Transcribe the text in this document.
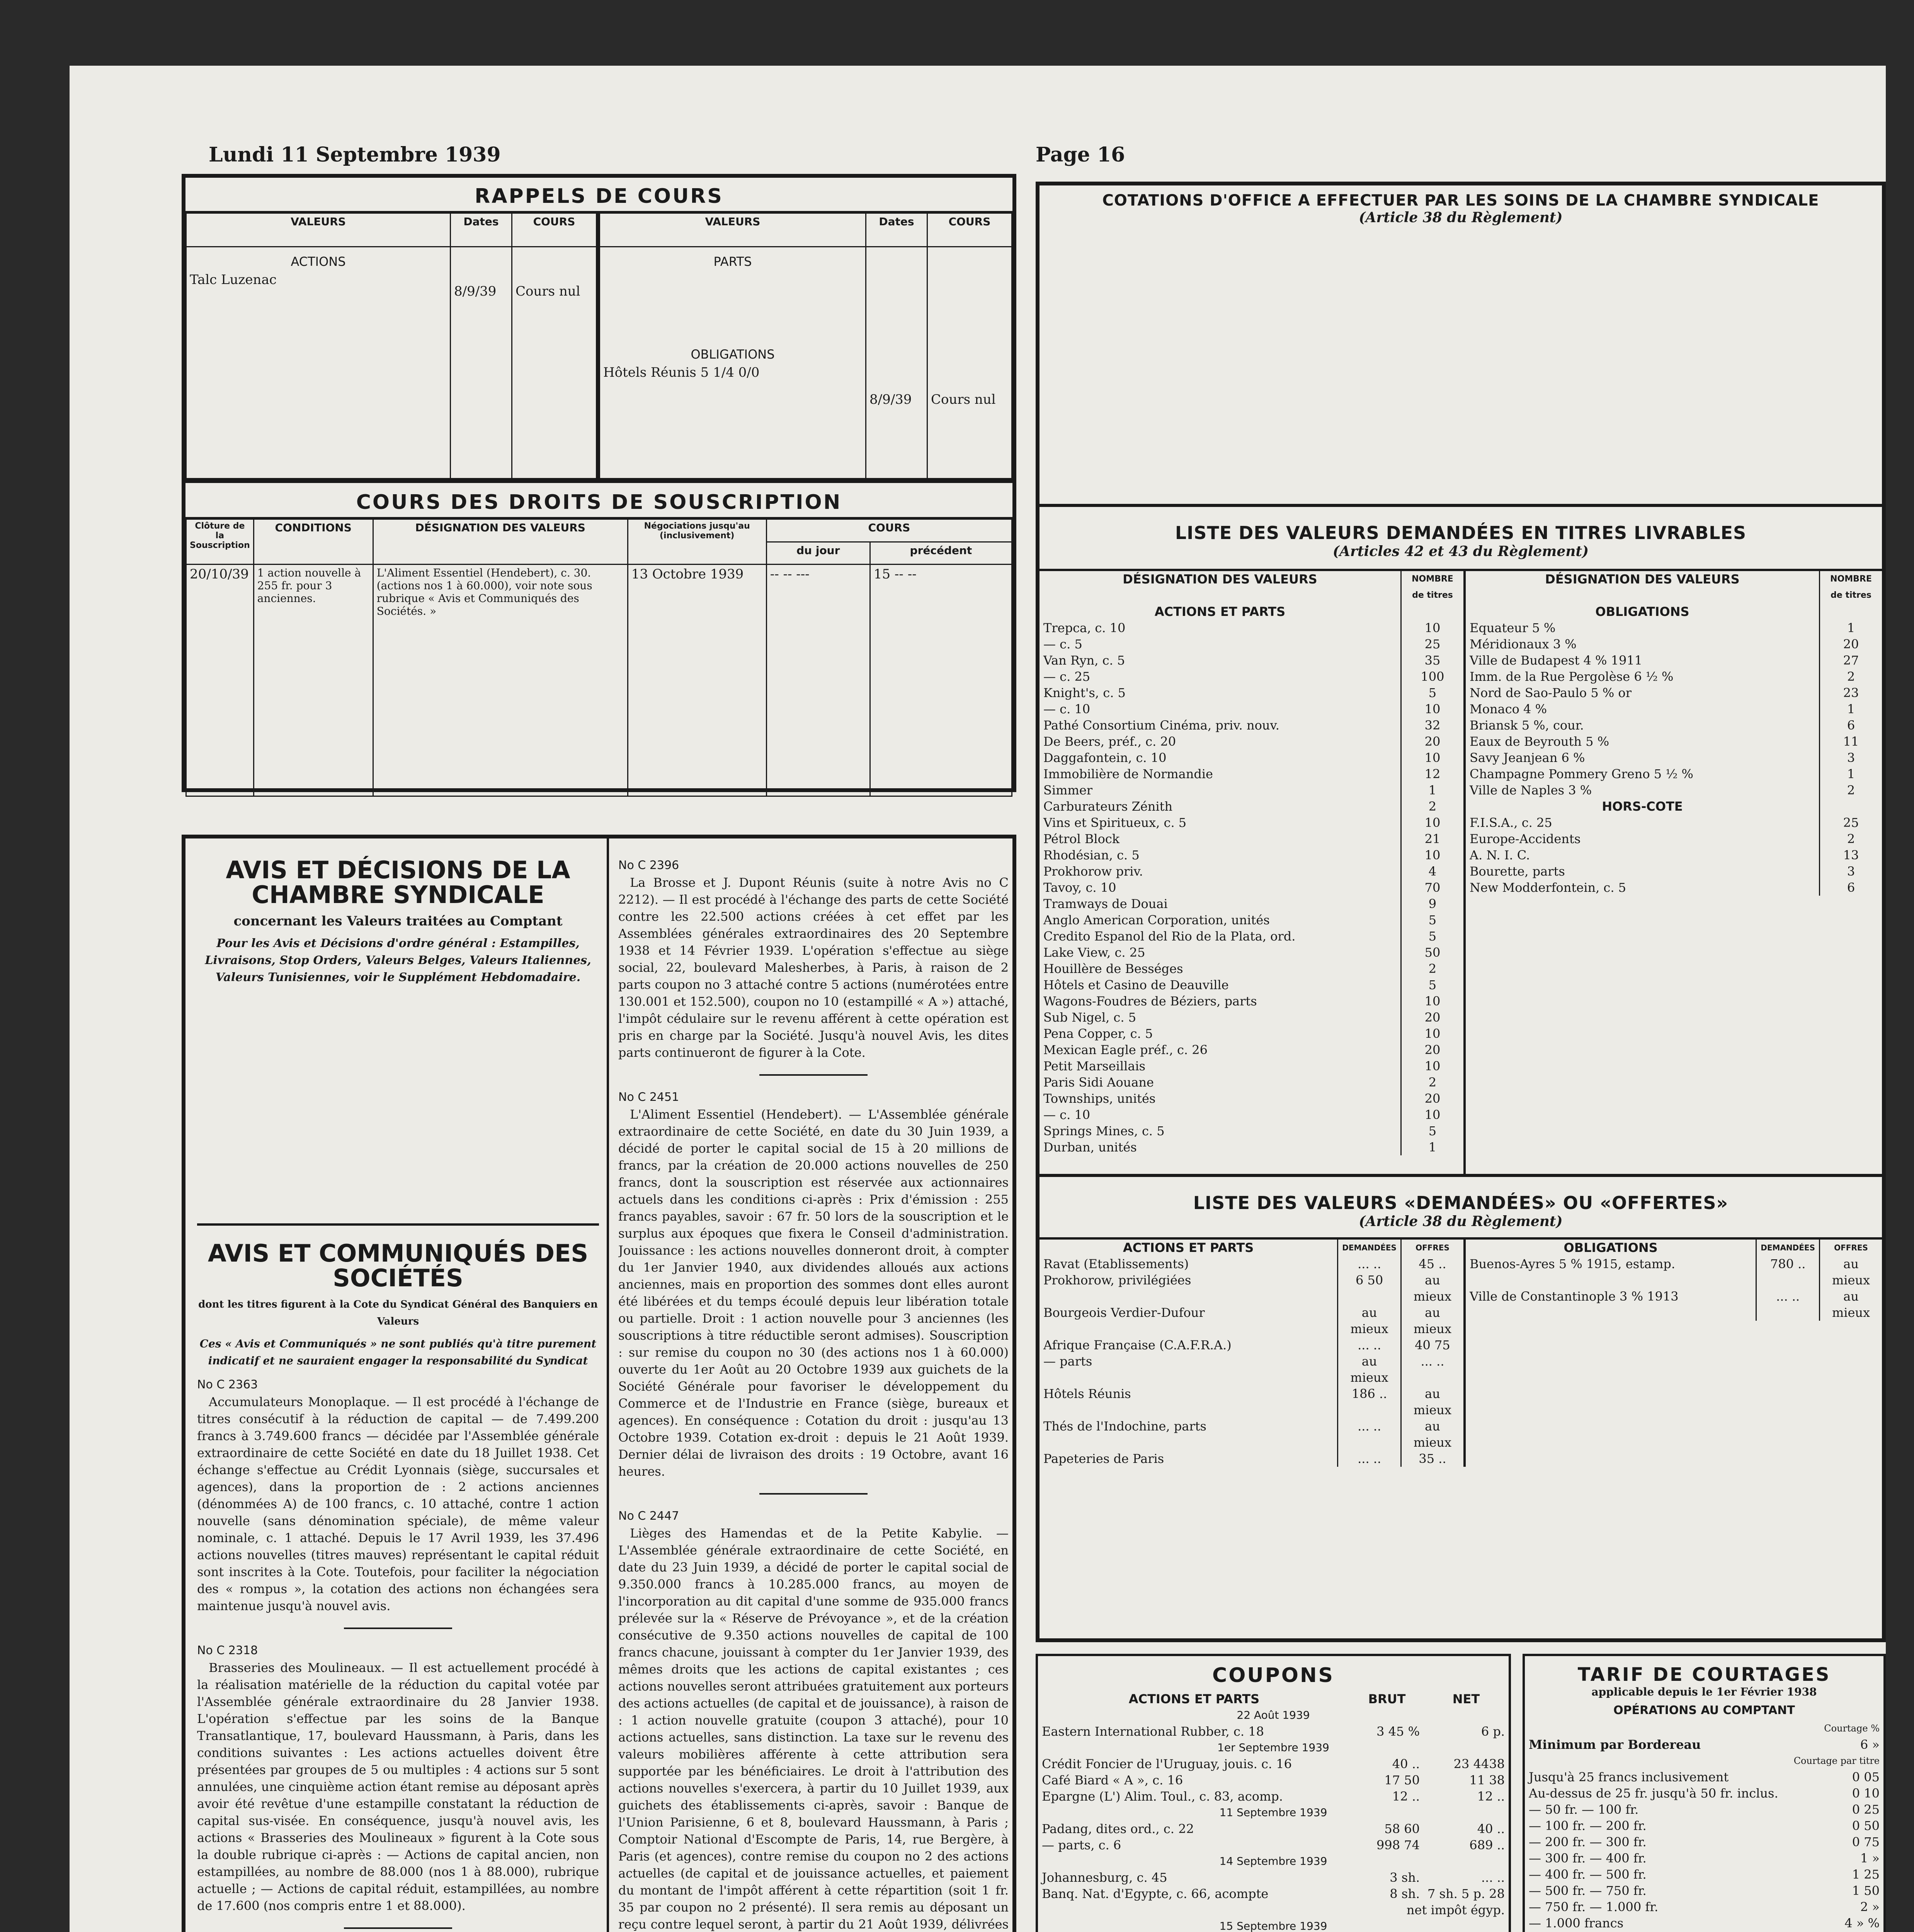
Lundi 11 Septembre 1939	Page 16
RAPPELS DE COURS
VALEURS	Dates	COURS

ACTIONS
Talc Luzenac	8/9/39	Cours nul
VALEURS	Dates	COURS

PARTS
OBLIGATIONS
Hôtels Réunis 5 1/4 0/0	8/9/39	Cours nul
COURS DES DROITS DE SOUSCRIPTION
Clôture de la Souscription	CONDITIONS	DÉSIGNATION DES VALEURS	Négociations jusqu'au (inclusivement)	COURS	
				du jour	précédent
20/10/39	1 action nouvelle à 255 fr. pour 3 anciennes.	L'Aliment Essentiel (Hendebert), c. 30. (actions nos 1 à 60.000), voir note sous rubrique « Avis et Communiqués des Sociétés. »	13 Octobre 1939	-- -- ---	15 -- --
AVIS ET DÉCISIONS DE LA CHAMBRE SYNDICALE
concernant les Valeurs traitées au Comptant
Pour les Avis et Décisions d'ordre général : Estampilles, Livraisons, Stop Orders, Valeurs Belges, Valeurs Italiennes, Valeurs Tunisiennes, voir le Supplément Hebdomadaire.
AVIS ET COMMUNIQUÉS DES SOCIÉTÉS
dont les titres figurent à la Cote du Syndicat Général des Banquiers en Valeurs
Ces « Avis et Communiqués » ne sont publiés qu'à titre purement indicatif et ne sauraient engager la responsabilité du Syndicat
No C 2363

Accumulateurs Monoplaque. — Il est procédé à l'échange de titres consécutif à la réduction de capital — de 7.499.200 francs à 3.749.600 francs — décidée par l'Assemblée générale extraordinaire de cette Société en date du 18 Juillet 1938. Cet échange s'effectue au Crédit Lyonnais (siège, succursales et agences), dans la proportion de : 2 actions anciennes (dénommées A) de 100 francs, c. 10 attaché, contre 1 action nouvelle (sans dénomination spéciale), de même valeur nominale, c. 1 attaché. Depuis le 17 Avril 1939, les 37.496 actions nouvelles (titres mauves) représentant le capital réduit sont inscrites à la Cote. Toutefois, pour faciliter la négociation des « rompus », la cotation des actions non échangées sera maintenue jusqu'à nouvel avis.

No C 2318

Brasseries des Moulineaux. — Il est actuellement procédé à la réalisation matérielle de la réduction du capital votée par l'Assemblée générale extraordinaire du 28 Janvier 1938. L'opération s'effectue par les soins de la Banque Transatlantique, 17, boulevard Haussmann, à Paris, dans les conditions suivantes : Les actions actuelles doivent être présentées par groupes de 5 ou multiples : 4 actions sur 5 sont annulées, une cinquième action étant remise au déposant après avoir été revêtue d'une estampille constatant la réduction de capital sus-visée. En conséquence, jusqu'à nouvel avis, les actions « Brasseries des Moulineaux » figurent à la Cote sous la double rubrique ci-après : — Actions de capital ancien, non estampillées, au nombre de 88.000 (nos 1 à 88.000), rubrique actuelle ; — Actions de capital réduit, estampillées, au nombre de 17.600 (nos compris entre 1 et 88.000).

No C 2396

La Brosse et J. Dupont Réunis (suite à notre Avis no C 2212). — Il est procédé à l'échange des parts de cette Société contre les 22.500 actions créées à cet effet par les Assemblées générales extraordinaires des 20 Septembre 1938 et 14 Février 1939. L'opération s'effectue au siège social, 22, boulevard Malesherbes, à Paris, à raison de 2 parts coupon no 3 attaché contre 5 actions (numérotées entre 130.001 et 152.500), coupon no 10 (estampillé « A ») attaché, l'impôt cédulaire sur le revenu afférent à cette opération est pris en charge par la Société. Jusqu'à nouvel Avis, les dites parts continueront de figurer à la Cote.

No C 2451

L'Aliment Essentiel (Hendebert). — L'Assemblée générale extraordinaire de cette Société, en date du 30 Juin 1939, a décidé de porter le capital social de 15 à 20 millions de francs, par la création de 20.000 actions nouvelles de 250 francs, dont la souscription est réservée aux actionnaires actuels dans les conditions ci-après : Prix d'émission : 255 francs payables, savoir : 67 fr. 50 lors de la souscription et le surplus aux époques que fixera le Conseil d'administration. Jouissance : les actions nouvelles donneront droit, à compter du 1er Janvier 1940, aux dividendes alloués aux actions anciennes, mais en proportion des sommes dont elles auront été libérées et du temps écoulé depuis leur libération totale ou partielle. Droit : 1 action nouvelle pour 3 anciennes (les souscriptions à titre réductible seront admises). Souscription : sur remise du coupon no 30 (des actions nos 1 à 60.000) ouverte du 1er Août au 20 Octobre 1939 aux guichets de la Société Générale pour favoriser le développement du Commerce et de l'Industrie en France (siège, bureaux et agences). En conséquence : Cotation du droit : jusqu'au 13 Octobre 1939. Cotation ex-droit : depuis le 21 Août 1939. Dernier délai de livraison des droits : 19 Octobre, avant 16 heures.

No C 2447

Lièges des Hamendas et de la Petite Kabylie. — L'Assemblée générale extraordinaire de cette Société, en date du 23 Juin 1939, a décidé de porter le capital social de 9.350.000 francs à 10.285.000 francs, au moyen de l'incorporation au dit capital d'une somme de 935.000 francs prélevée sur la « Réserve de Prévoyance », et de la création consécutive de 9.350 actions nouvelles de capital de 100 francs chacune, jouissant à compter du 1er Janvier 1939, des mêmes droits que les actions de capital existantes ; ces actions nouvelles seront attribuées gratuitement aux porteurs des actions actuelles (de capital et de jouissance), à raison de : 1 action nouvelle gratuite (coupon 3 attaché), pour 10 actions actuelles, sans distinction. La taxe sur le revenu des valeurs mobilières afférente à cette attribution sera supportée par les bénéficiaires. Le droit à l'attribution des actions nouvelles s'exercera, à partir du 10 Juillet 1939, aux guichets des établissements ci-après, savoir : Banque de l'Union Parisienne, 6 et 8, boulevard Haussmann, à Paris ; Comptoir National d'Escompte de Paris, 14, rue Bergère, à Paris (et agences), contre remise du coupon no 2 des actions actuelles (de capital et de jouissance actuelles, et paiement du montant de l'impôt afférent à cette répartition (soit 1 fr. 35 par coupon no 2 présenté). Il sera remis au déposant un reçu contre lequel seront, à partir du 21 Août 1939, délivrées

COTATIONS D'OFFICE A EFFECTUER PAR LES SOINS DE LA CHAMBRE SYNDICALE
(Article 38 du Règlement)
LISTE DES VALEURS DEMANDÉES EN TITRES LIVRABLES
(Articles 42 et 43 du Règlement)
DÉSIGNATION DES VALEURS	NOMBRE de titres
ACTIONS ET PARTS	
Trepca, c. 10	10
— c. 5	25
Van Ryn, c. 5	35
— c. 25	100
Knight's, c. 5	5
— c. 10	10
Pathé Consortium Cinéma, priv. nouv.	32
De Beers, préf., c. 20	20
Daggafontein, c. 10	10
Immobilière de Normandie	12
Simmer	1
Carburateurs Zénith	2
Vins et Spiritueux, c. 5	10
Pétrol Block	21
Rhodésian, c. 5	10
Prokhorow priv.	4
Tavoy, c. 10	70
Tramways de Douai	9
Anglo American Corporation, unités	5
Credito Espanol del Rio de la Plata, ord.	5
Lake View, c. 25	50
Houillère de Bességes	2
Hôtels et Casino de Deauville	5
Wagons-Foudres de Béziers, parts	10
Sub Nigel, c. 5	20
Pena Copper, c. 5	10
Mexican Eagle préf., c. 26	20
Petit Marseillais	10
Paris Sidi Aouane	2
Townships, unités	20
— c. 10	10
Springs Mines, c. 5	5
Durban, unités	1
DÉSIGNATION DES VALEURS	NOMBRE de titres
OBLIGATIONS	
Equateur 5 %	1
Méridionaux 3 %	20
Ville de Budapest 4 % 1911	27
Imm. de la Rue Pergolèse 6 ½ %	2
Nord de Sao-Paulo 5 % or	23
Monaco 4 %	1
Briansk 5 %, cour.	6
Eaux de Beyrouth 5 %	11
Savy Jeanjean 6 %	3
Champagne Pommery Greno 5 ½ %	1
Ville de Naples 3 %	2
HORS-COTE	
F.I.S.A., c. 25	25
Europe-Accidents	2
A. N. I. C.	13
Bourette, parts	3
New Modderfontein, c. 5	6
LISTE DES VALEURS «DEMANDÉES» OU «OFFERTES»
(Article 38 du Règlement)
ACTIONS ET PARTS	DEMANDÉES	OFFRES
Ravat (Etablissements)	... ..	45 ..
Prokhorow, privilégiées	6 50	au mieux
Bourgeois Verdier-Dufour	au mieux	au mieux
Afrique Française (C.A.F.R.A.)	... ..	40 75
— parts	au mieux	... ..
Hôtels Réunis	186 ..	au mieux
Thés de l'Indochine, parts	... ..	au mieux
Papeteries de Paris	... ..	35 ..
OBLIGATIONS	DEMANDÉES	OFFRES
Buenos-Ayres 5 % 1915, estamp.	780 ..	au mieux
Ville de Constantinople 3 % 1913	... ..	au mieux
COUPONS
ACTIONS ET PARTS	BRUT	NET
22 Août 1939		
Eastern International Rubber, c. 18	3 45 %	6 p.
1er Septembre 1939		
Crédit Foncier de l'Uruguay, jouis. c. 16	40 ..	23 4438
Café Biard « A », c. 16	17 50	11 38
Epargne (L') Alim. Toul., c. 83, acomp.	12 ..	12 ..
11 Septembre 1939		
Padang, dites ord., c. 22	58 60	40 ..
— parts, c. 6	998 74	689 ..
14 Septembre 1939		
Johannesburg, c. 45	3 sh.	... ..
Banq. Nat. d'Egypte, c. 66, acompte	8 sh.	7 sh. 5 p. 28
	net impôt égyp.	
15 Septembre 1939		

TARIF DE COURTAGES
applicable depuis le 1er Février 1938
OPÉRATIONS AU COMPTANT
	Courtage %
Minimum par Bordereau	6 »
	Courtage par titre
Jusqu'à 25 francs inclusivement	0 05
Au-dessus de 25 fr. jusqu'à 50 fr. inclus.	0 10
— 50 fr. — 100 fr.	0 25
— 100 fr. — 200 fr.	0 50
— 200 fr. — 300 fr.	0 75
— 300 fr. — 400 fr.	1 »
— 400 fr. — 500 fr.	1 25
— 500 fr. — 750 fr.	1 50
— 750 fr. — 1.000 fr.	2 »
— 1.000 francs	4 » %
